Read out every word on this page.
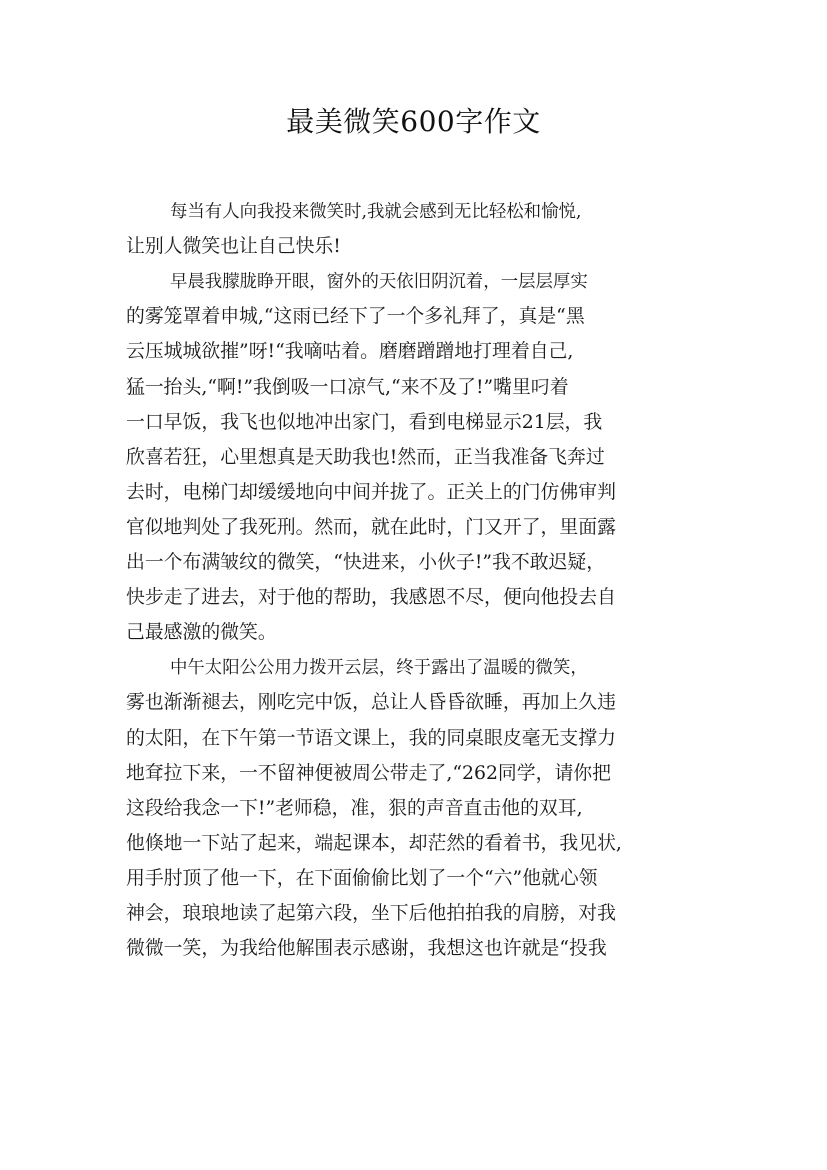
最美微笑600字作文
每当有人向我投来微笑时,我就会感到无比轻松和愉悦,
让别人微笑也让自己快乐!
早晨我朦胧睁开眼，窗外的天依旧阴沉着，一层层厚实
的雾笼罩着申城,“这雨已经下了一个多礼拜了，真是“黑
云压城城欲摧”呀!“我嘀咕着。磨磨蹭蹭地打理着自己,
猛一抬头,“啊!”我倒吸一口凉气,“来不及了!”嘴里叼着
一口早饭，我飞也似地冲出家门，看到电梯显示21层，我
欣喜若狂，心里想真是天助我也!然而，正当我准备飞奔过
去时，电梯门却缓缓地向中间并拢了。正关上的门仿佛审判
官似地判处了我死刑。然而，就在此时，门又开了，里面露
出一个布满皱纹的微笑，“快进来，小伙子!”我不敢迟疑，
快步走了进去，对于他的帮助，我感恩不尽，便向他投去自
己最感激的微笑。
中午太阳公公用力拨开云层，终于露出了温暖的微笑，
雾也渐渐褪去，刚吃完中饭，总让人昏昏欲睡，再加上久违
的太阳，在下午第一节语文课上，我的同桌眼皮毫无支撑力
地耷拉下来，一不留神便被周公带走了,“262同学，请你把
这段给我念一下!”老师稳，准，狠的声音直击他的双耳,
他倏地一下站了起来，端起课本，却茫然的看着书，我见状,
用手肘顶了他一下，在下面偷偷比划了一个“六”他就心领
神会，琅琅地读了起第六段，坐下后他拍拍我的肩膀，对我
微微一笑，为我给他解围表示感谢，我想这也许就是“投我
